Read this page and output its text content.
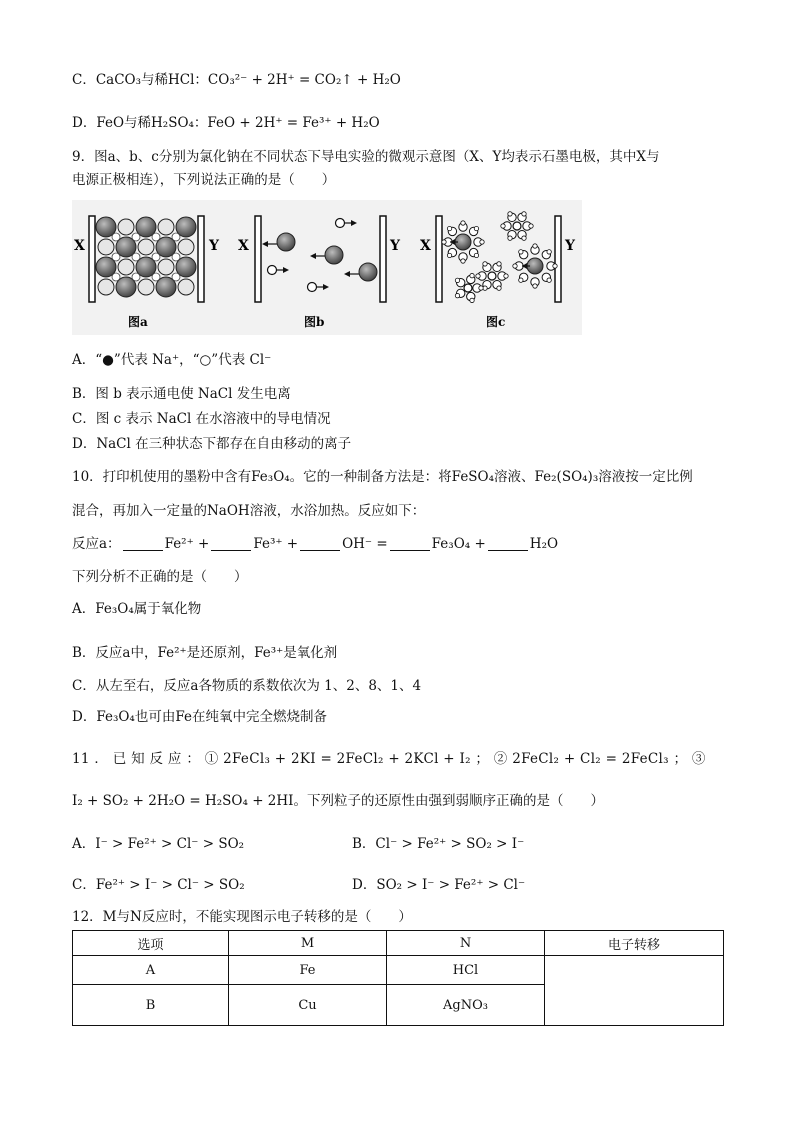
C．CaCO₃与稀HCl：CO₃²⁻ + 2H⁺ = CO₂↑ + H₂O
D．FeO与稀H₂SO₄：FeO + 2H⁺ = Fe³⁺ + H₂O
9．图a、b、c分别为氯化钠在不同状态下导电实验的微观示意图（X、Y均表示石墨电极，其中X与
电源正极相连），下列说法正确的是（　　）
X	Y
图a
X	Y
图b
X	Y
图c
A．“●”代表 Na⁺，“○”代表 Cl⁻
B．图 b 表示通电使 NaCl 发生电离
C．图 c 表示 NaCl 在水溶液中的导电情况
D．NaCl 在三种状态下都存在自由移动的离子
10．打印机使用的墨粉中含有Fe₃O₄。它的一种制备方法是：将FeSO₄溶液、Fe₂(SO₄)₃溶液按一定比例
混合，再加入一定量的NaOH溶液，水浴加热。反应如下：
反应a：	Fe²⁺ +	Fe³⁺ +	OH⁻ =	Fe₃O₄ +	H₂O
下列分析不正确的是（　　）
A．Fe₃O₄属于氧化物
B．反应a中，Fe²⁺是还原剂，Fe³⁺是氧化剂
C．从左至右，反应a各物质的系数依次为 1、2、8、1、4
D．Fe₃O₄也可由Fe在纯氧中完全燃烧制备
11 ． 已 知 反 应 ： ① 2FeCl₃ + 2KI = 2FeCl₂ + 2KCl + I₂ ； ② 2FeCl₂ + Cl₂ = 2FeCl₃ ； ③
I₂ + SO₂ + 2H₂O = H₂SO₄ + 2HI。下列粒子的还原性由强到弱顺序正确的是（　　）
A．I⁻ > Fe²⁺ > Cl⁻ > SO₂	B．Cl⁻ > Fe²⁺ > SO₂ > I⁻
C．Fe²⁺ > I⁻ > Cl⁻ > SO₂	D．SO₂ > I⁻ > Fe²⁺ > Cl⁻
12．M与N反应时，不能实现图示电子转移的是（　　）
选项	M	N	电子转移
A	Fe	HCl	
B	Cu	AgNO₃	
